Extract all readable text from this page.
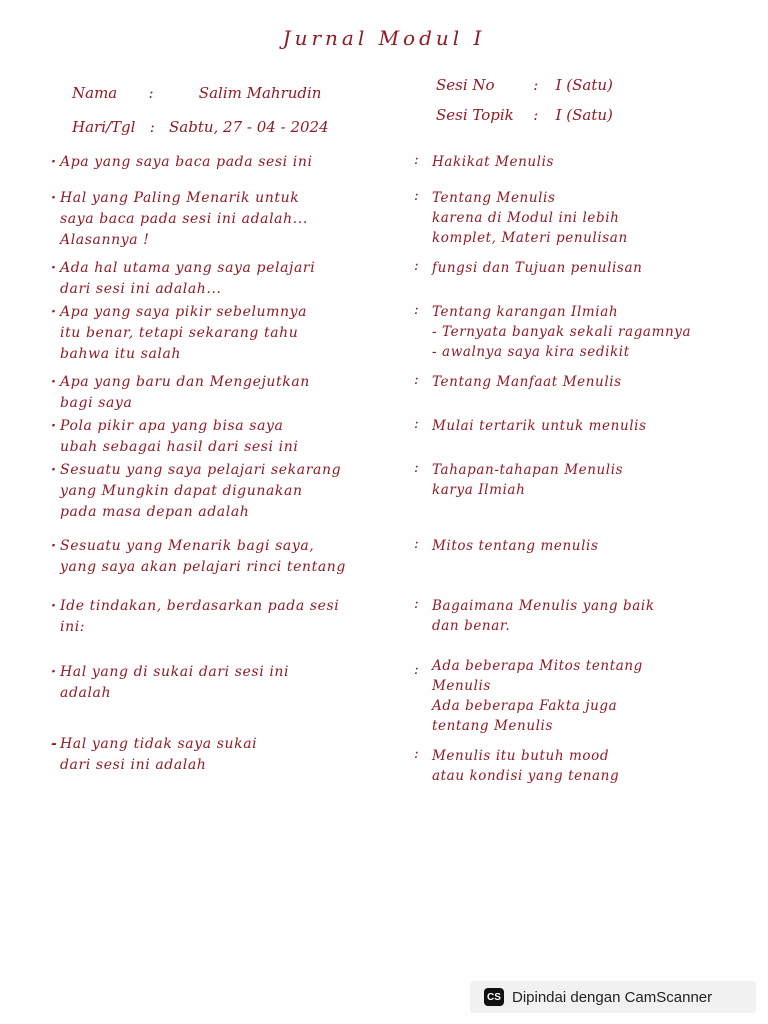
Jurnal Modul I
Nama :	Salim Mahrudin
Hari/Tgl : Sabtu, 27 - 04 - 2024
Sesi No	: I (Satu)
Sesi Topik : I (Satu)
· Apa yang saya baca pada sesi ini	: Hakikat Menulis
· Hal yang Paling Menarik untuk
saya baca pada sesi ini adalah...
Alasannya !
: Tentang Menulis
karena di Modul ini lebih
komplet, Materi penulisan
· Ada hal utama yang saya pelajari
dari sesi ini adalah...
: fungsi dan Tujuan penulisan
· Apa yang saya pikir sebelumnya
itu benar, tetapi sekarang tahu
bahwa itu salah
: Tentang karangan Ilmiah
- Ternyata banyak sekali ragamnya
- awalnya saya kira sedikit
· Apa yang baru dan Mengejutkan
bagi saya
: Tentang Manfaat Menulis
· Pola pikir apa yang bisa saya
ubah sebagai hasil dari sesi ini
: Mulai tertarik untuk menulis
· Sesuatu yang saya pelajari sekarang
yang Mungkin dapat digunakan
pada masa depan adalah
: Tahapan-tahapan Menulis
karya Ilmiah
· Sesuatu yang Menarik bagi saya,
yang saya akan pelajari rinci tentang
: Mitos tentang menulis
· Ide tindakan, berdasarkan pada sesi
ini:
: Bagaimana Menulis yang baik
dan benar.
· Hal yang di sukai dari sesi ini
adalah
: Ada beberapa Mitos tentang
Menulis
Ada beberapa Fakta juga
tentang Menulis
- Hal yang tidak saya sukai
dari sesi ini adalah
: Menulis itu butuh mood
atau kondisi yang tenang
CS Dipindai dengan CamScanner
